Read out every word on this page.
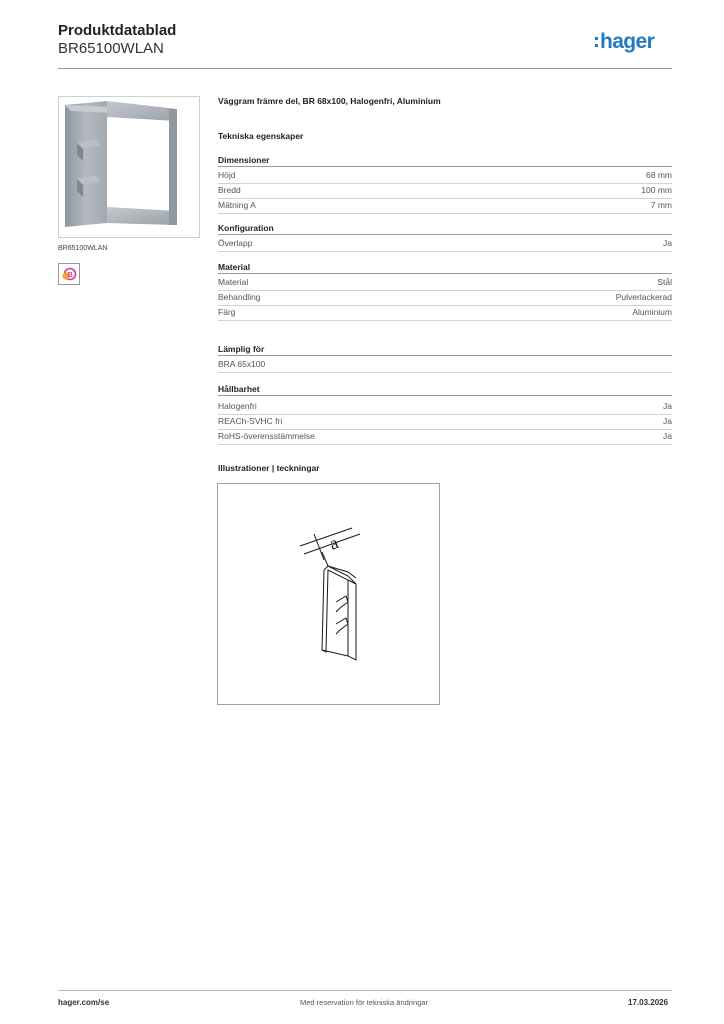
Produktdatablad
BR65100WLAN	hager
BR65100WLAN
B
Väggram främre del, BR 68x100, Halogenfri, Aluminium
Tekniska egenskaper
Dimensioner
Höjd	68 mm
Bredd	100 mm
Mätning A	7 mm
Konfiguration
Överlapp	Ja
Material
Material	Stål
Behandling	Pulverlackerad
Färg	Aluminium
Lämplig för
BRA 65x100
Hållbarhet
Halogenfri	Ja
REACh-SVHC fri	Ja
RoHS-överensstämmelse	Ja
Illustrationer | teckningar
a
hager.com/se	Med reservation för tekniska ändringar	17.03.2026
